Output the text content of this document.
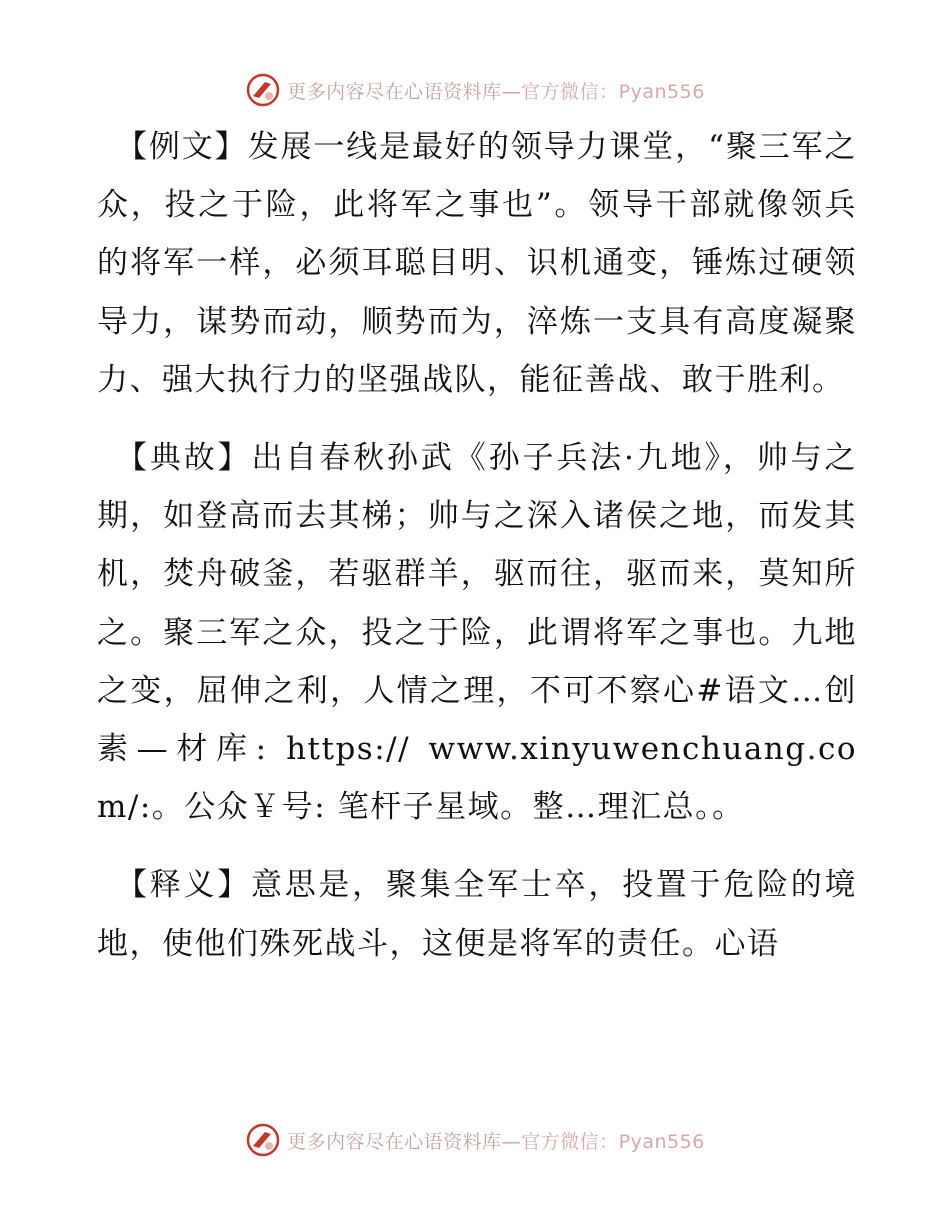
更多内容尽在心语资料库—官方微信：Pyan556

【例文】发展一线是最好的领导力课堂，“聚三军之众，投之于险，此将军之事也”。领导干部就像领兵的将军一样，必须耳聪目明、识机通变，锤炼过硬领导力，谋势而动，顺势而为，淬炼一支具有高度凝聚力、强大执行力的坚强战队，能征善战、敢于胜利。

【典故】出自春秋孙武《孙子兵法·九地》，帅与之期，如登高而去其梯；帅与之深入诸侯之地，而发其机，焚舟破釜，若驱群羊，驱而往，驱而来，莫知所之。聚三军之众，投之于险，此谓将军之事也。九地之变，屈伸之利，人情之理，不可不察心#语文…创素—材库: https:// www.xinyuwenchuang.com/:。公众￥号: 笔杆子星域。整…理汇总。。

【释义】意思是，聚集全军士卒，投置于危险的境地，使他们殊死战斗，这便是将军的责任。心语

更多内容尽在心语资料库—官方微信：Pyan556
